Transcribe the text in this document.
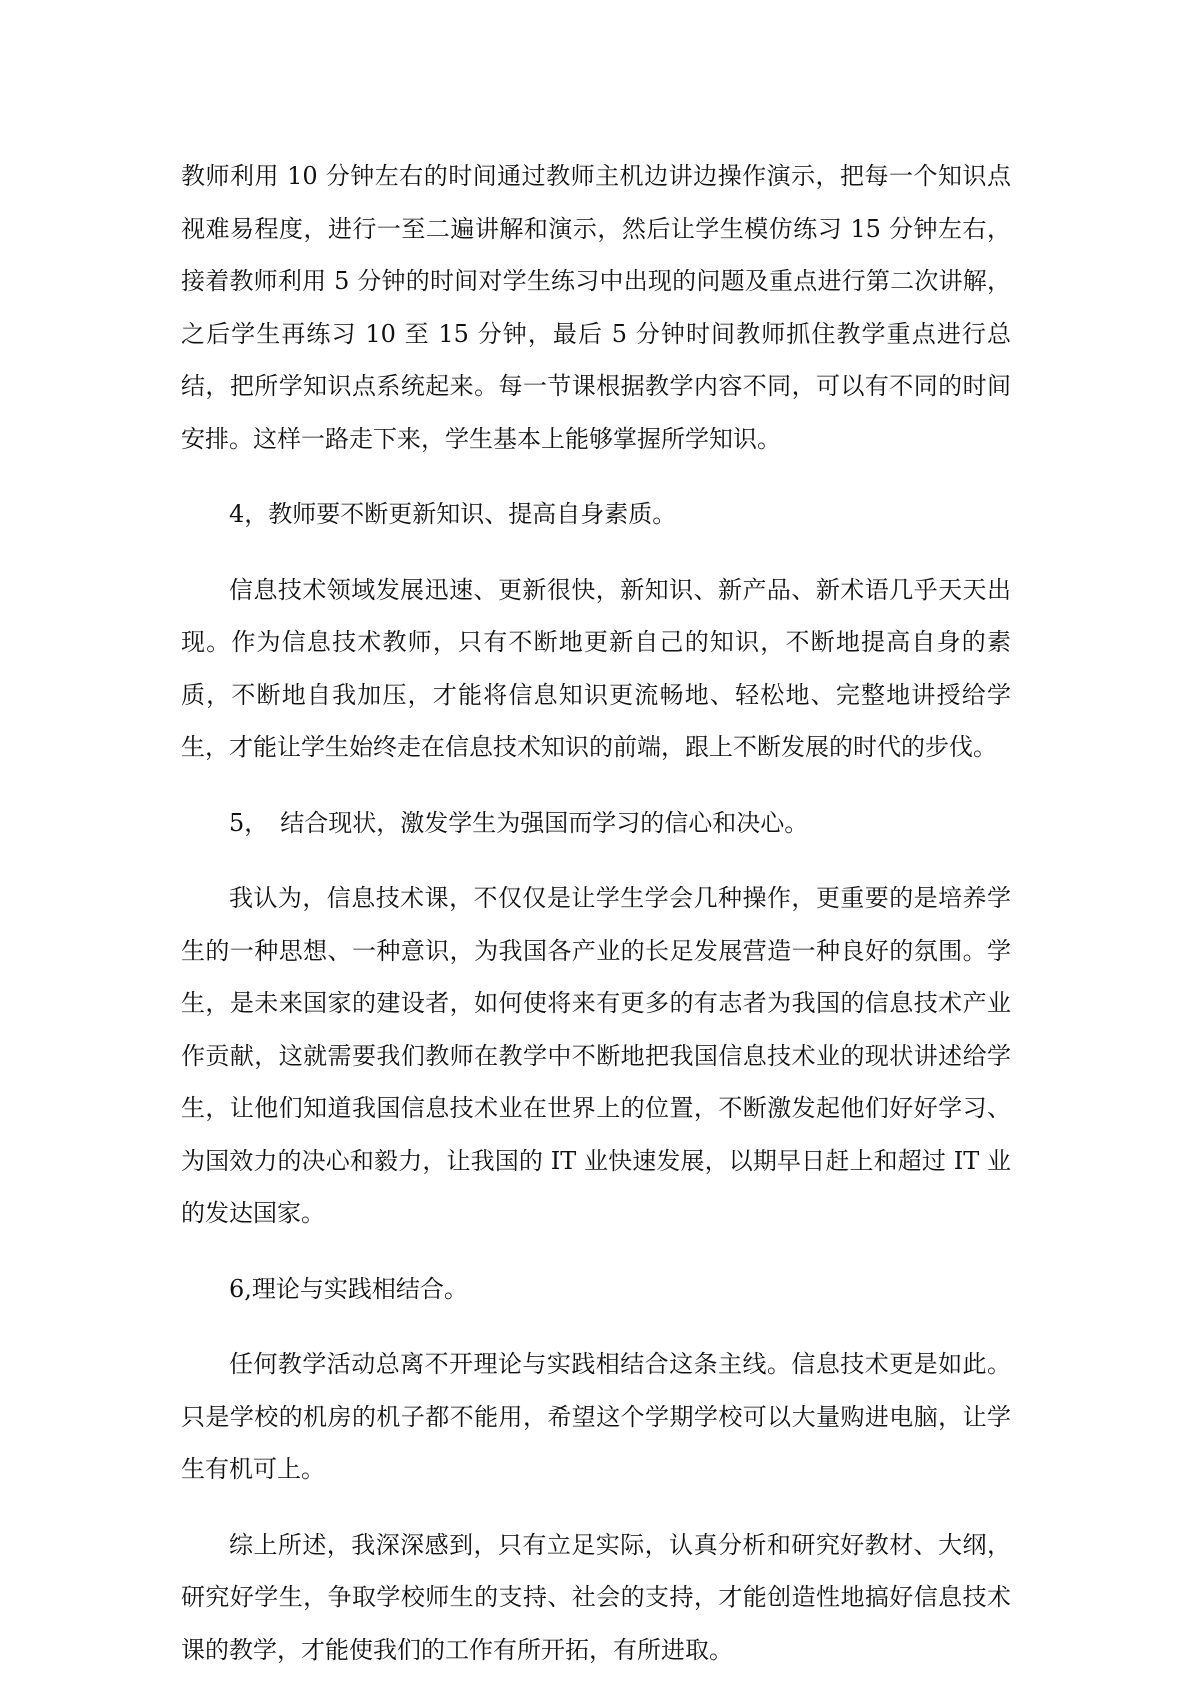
教师利用 10 分钟左右的时间通过教师主机边讲边操作演示，把每一个知识点视难易程度，进行一至二遍讲解和演示，然后让学生模仿练习 15 分钟左右，接着教师利用 5 分钟的时间对学生练习中出现的问题及重点进行第二次讲解，之后学生再练习 10 至 15 分钟，最后 5 分钟时间教师抓住教学重点进行总结，把所学知识点系统起来。每一节课根据教学内容不同，可以有不同的时间安排。这样一路走下来，学生基本上能够掌握所学知识。

4，教师要不断更新知识、提高自身素质。

信息技术领域发展迅速、更新很快，新知识、新产品、新术语几乎天天出现。作为信息技术教师，只有不断地更新自己的知识，不断地提高自身的素质，不断地自我加压，才能将信息知识更流畅地、轻松地、完整地讲授给学生，才能让学生始终走在信息技术知识的前端，跟上不断发展的时代的步伐。

5，　结合现状，激发学生为强国而学习的信心和决心。

我认为，信息技术课，不仅仅是让学生学会几种操作，更重要的是培养学生的一种思想、一种意识，为我国各产业的长足发展营造一种良好的氛围。学生，是未来国家的建设者，如何使将来有更多的有志者为我国的信息技术产业作贡献，这就需要我们教师在教学中不断地把我国信息技术业的现状讲述给学生，让他们知道我国信息技术业在世界上的位置，不断激发起他们好好学习、为国效力的决心和毅力，让我国的 IT 业快速发展，以期早日赶上和超过 IT 业的发达国家。

6,理论与实践相结合。

任何教学活动总离不开理论与实践相结合这条主线。信息技术更是如此。只是学校的机房的机子都不能用，希望这个学期学校可以大量购进电脑，让学生有机可上。

综上所述，我深深感到，只有立足实际，认真分析和研究好教材、大纲，研究好学生，争取学校师生的支持、社会的支持，才能创造性地搞好信息技术课的教学，才能使我们的工作有所开拓，有所进取。
